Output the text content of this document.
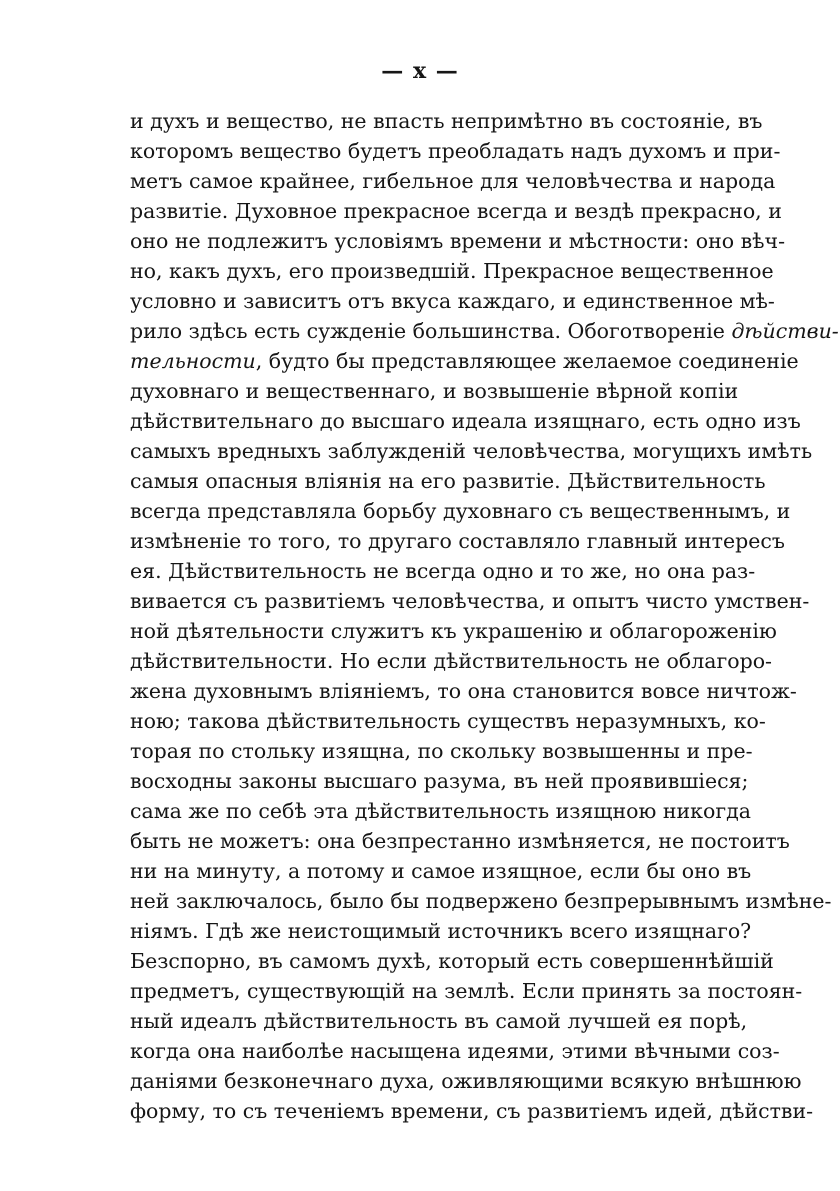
— x —
и духъ и вещество, не впасть непримѣтно въ состояніе, въ
которомъ вещество будетъ преобладать надъ духомъ и при-
метъ самое крайнее, гибельное для человѣчества и народа
развитіе. Духовное прекрасное всегда и вездѣ прекрасно, и
оно не подлежитъ условіямъ времени и мѣстности: оно вѣч-
но, какъ духъ, его произведшій. Прекрасное вещественное
условно и зависитъ отъ вкуса каждаго, и единственное мѣ-
рило здѣсь есть сужденіе большинства. Обоготвореніе дѣйстви-
тельности, будто бы представляющее желаемое соединеніе
духовнаго и вещественнаго, и возвышеніе вѣрной копіи
дѣйствительнаго до высшаго идеала изящнаго, есть одно изъ
самыхъ вредныхъ заблужденій человѣчества, могущихъ имѣть
самыя опасныя вліянія на его развитіе. Дѣйствительность
всегда представляла борьбу духовнаго съ вещественнымъ, и
измѣненіе то того, то другаго составляло главный интересъ
ея. Дѣйствительность не всегда одно и то же, но она раз-
вивается съ развитіемъ человѣчества, и опытъ чисто умствен-
ной дѣятельности служитъ къ украшенію и облагороженію
дѣйствительности. Но если дѣйствительность не облагоро-
жена духовнымъ вліяніемъ, то она становится вовсе ничтож-
ною; такова дѣйствительность существъ неразумныхъ, ко-
торая по стольку изящна, по скольку возвышенны и пре-
восходны законы высшаго разума, въ ней проявившіеся;
сама же по себѣ эта дѣйствительность изящною никогда
быть не можетъ: она безпрестанно измѣняется, не постоитъ
ни на минуту, а потому и самое изящное, если бы оно въ
ней заключалось, было бы подвержено безпрерывнымъ измѣне-
ніямъ. Гдѣ же неистощимый источникъ всего изящнаго?
Безспорно, въ самомъ духѣ, который есть совершеннѣйшій
предметъ, существующій на землѣ. Если принять за постоян-
ный идеалъ дѣйствительность въ самой лучшей ея порѣ,
когда она наиболѣе насыщена идеями, этими вѣчными соз-
даніями безконечнаго духа, оживляющими всякую внѣшнюю
форму, то съ теченіемъ времени, съ развитіемъ идей, дѣйстви-
